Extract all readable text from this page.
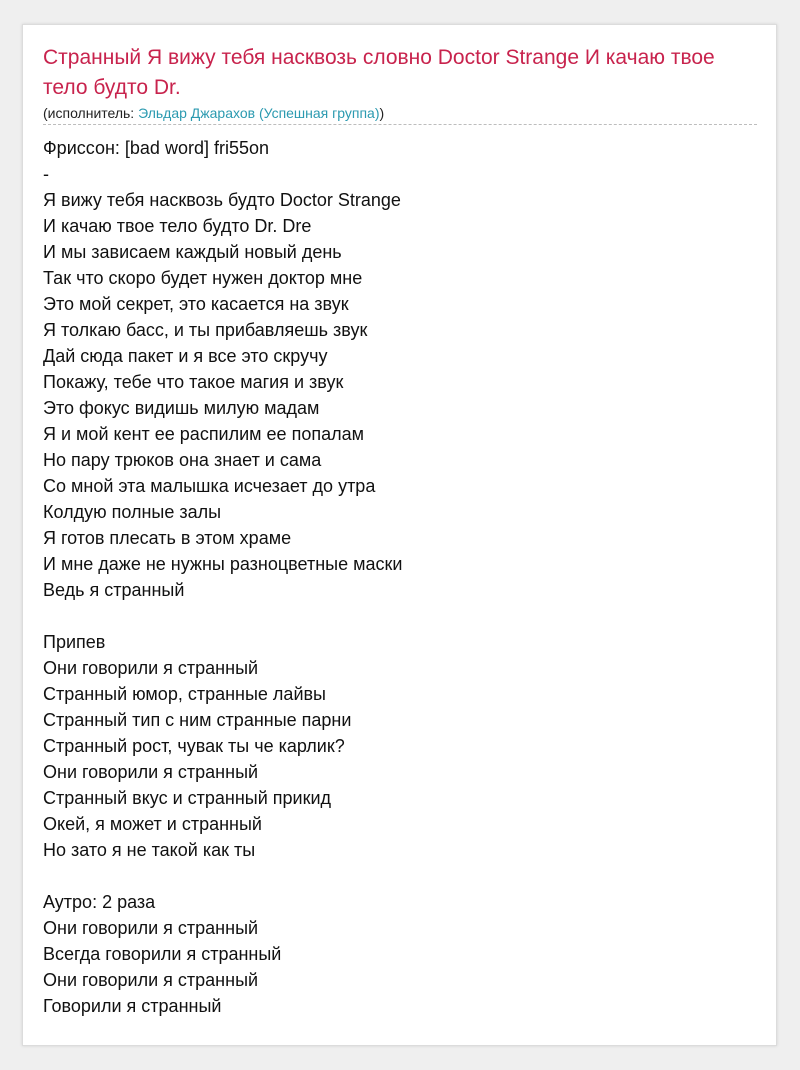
Странный Я вижу тебя насквозь словно Doctor Strange И качаю твое тело будто Dr.
(исполнитель: Эльдар Джарахов (Успешная группа))
Фриссон: [bad word] fri55on
-
Я вижу тебя насквозь будто Doctor Strange
И качаю твое тело будто Dr. Dre
И мы зависаем каждый новый день
Так что скоро будет нужен доктор мне
Это мой секрет, это касается на звук
Я толкаю басс, и ты прибавляешь звук
Дай сюда пакет и я все это скручу
Покажу, тебе что такое магия и звук
Это фокус видишь милую мадам
Я и мой кент ее распилим ее попалам
Но пару трюков она знает и сама
Со мной эта малышка исчезает до утра
Колдую полные залы
Я готов плесать в этом храме
И мне даже не нужны разноцветные маски
Ведь я странный
Припев
Они говорили я странный
Странный юмор, странные лайвы
Странный тип с ним странные парни
Странный рост, чувак ты че карлик?
Они говорили я странный
Странный вкус и странный прикид
Окей, я может и странный
Но зато я не такой как ты
Аутро: 2 раза
Они говорили я странный
Всегда говорили я странный
Они говорили я странный
Говорили я странный
